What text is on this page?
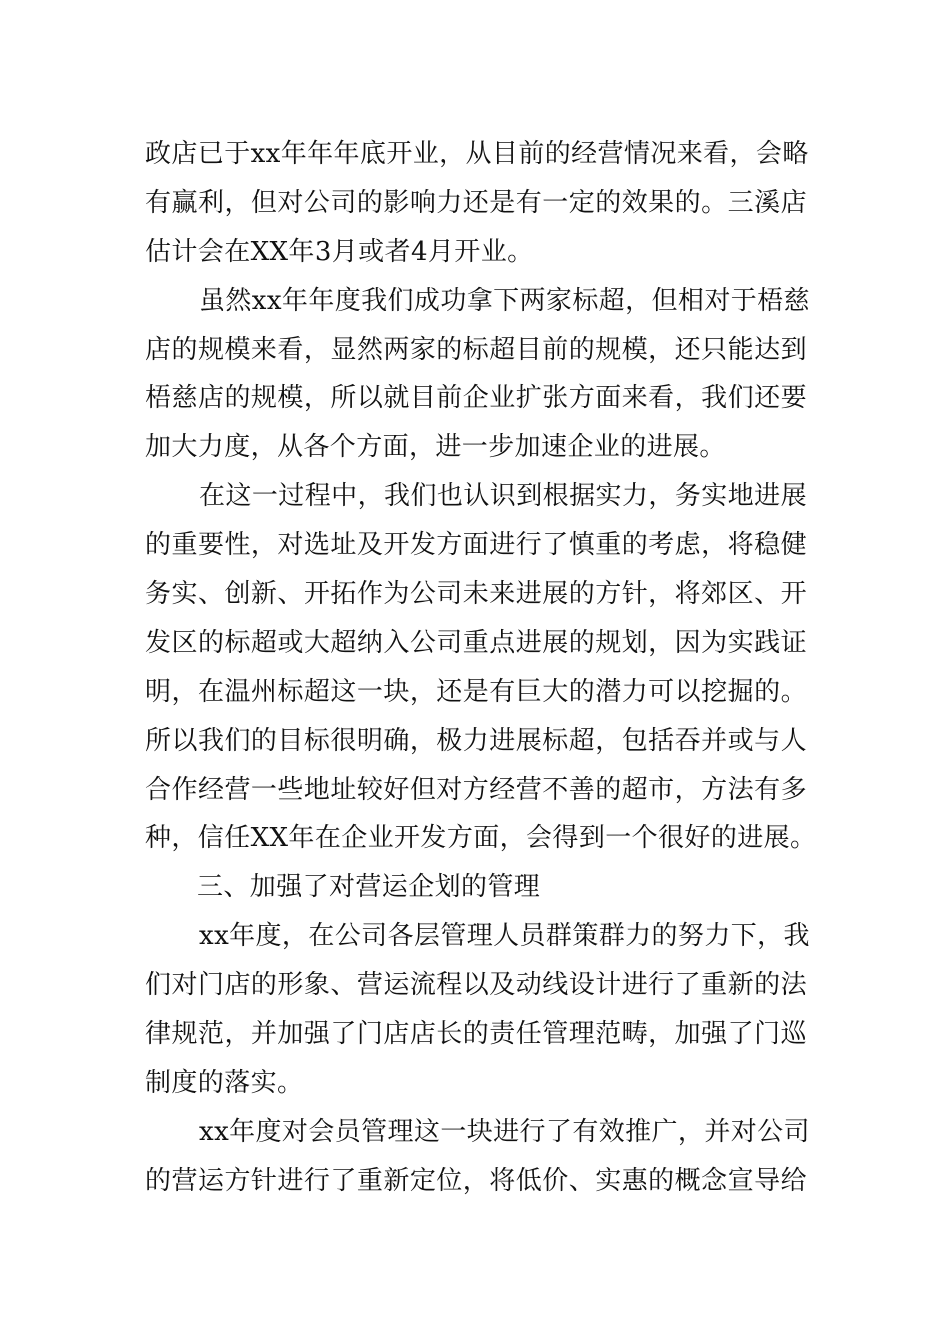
政店已于xx年年年底开业，从目前的经营情况来看，会略
有赢利，但对公司的影响力还是有一定的效果的。三溪店
估计会在XX年3月或者4月开业。
虽然xx年年度我们成功拿下两家标超，但相对于梧慈
店的规模来看，显然两家的标超目前的规模，还只能达到
梧慈店的规模，所以就目前企业扩张方面来看，我们还要
加大力度，从各个方面，进一步加速企业的进展。
在这一过程中，我们也认识到根据实力，务实地进展
的重要性，对选址及开发方面进行了慎重的考虑，将稳健
务实、创新、开拓作为公司未来进展的方针，将郊区、开
发区的标超或大超纳入公司重点进展的规划，因为实践证
明，在温州标超这一块，还是有巨大的潜力可以挖掘的。
所以我们的目标很明确，极力进展标超，包括吞并或与人
合作经营一些地址较好但对方经营不善的超市，方法有多
种，信任XX年在企业开发方面，会得到一个很好的进展。
三、加强了对营运企划的管理
xx年度，在公司各层管理人员群策群力的努力下，我
们对门店的形象、营运流程以及动线设计进行了重新的法
律规范，并加强了门店店长的责任管理范畴，加强了门巡
制度的落实。
xx年度对会员管理这一块进行了有效推广，并对公司
的营运方针进行了重新定位，将低价、实惠的概念宣导给
